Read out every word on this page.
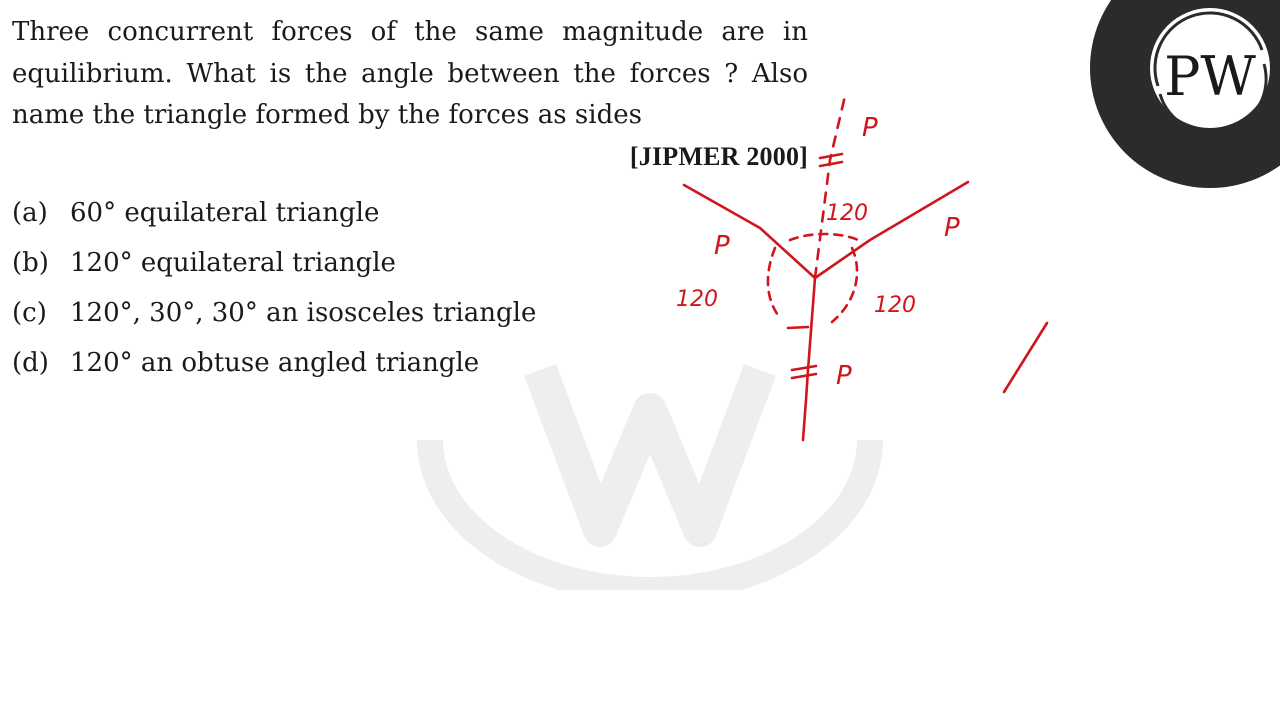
Three concurrent forces of the same magnitude are in equilibrium. What is the angle between the forces ? Also name the triangle formed by the forces as sides
[JIPMER 2000]
(a) 60° equilateral triangle
(b) 120° equilateral triangle
(c) 120°, 30°, 30° an isosceles triangle
(d) 120° an obtuse angled triangle
P
P
P
P
120
120	120
PW
